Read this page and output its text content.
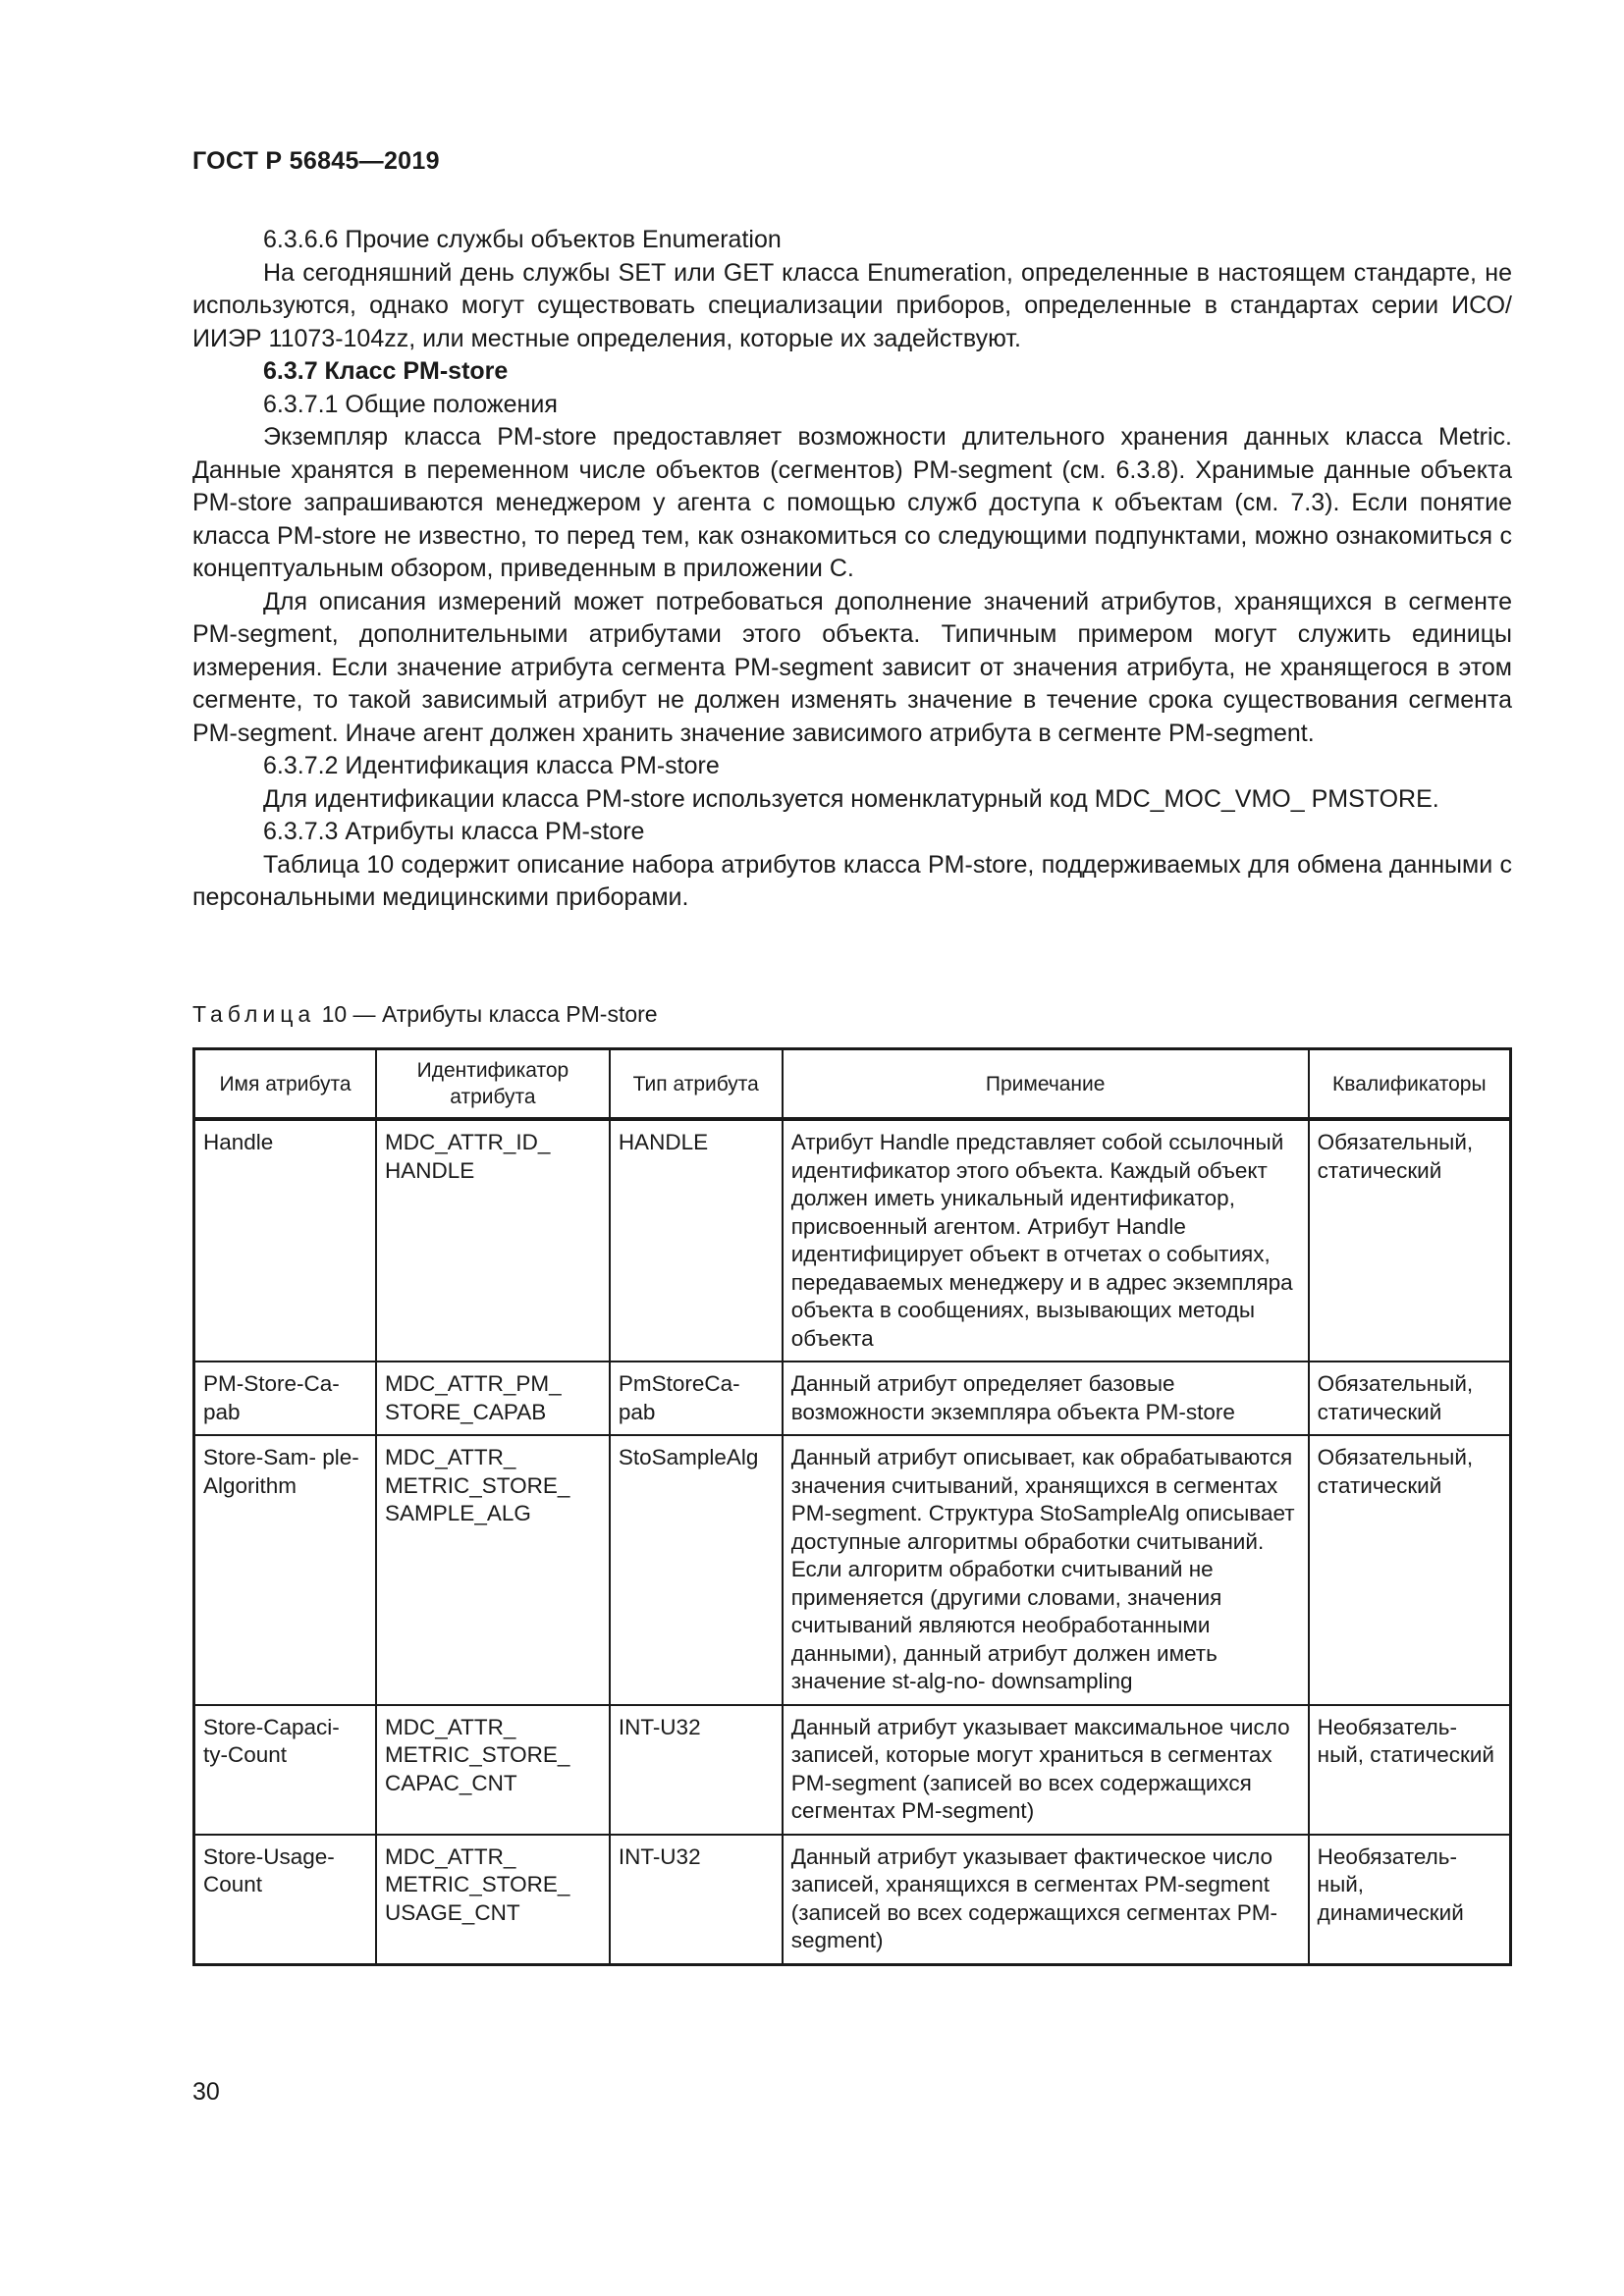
ГОСТ Р 56845—2019

6.3.6.6 Прочие службы объектов Enumeration

На сегодняшний день службы SET или GET класса Enumeration, определенные в настоящем стандарте, не используются, однако могут существовать специализации приборов, определенные в стандартах серии ИСО/ИИЭР 11073-104zz, или местные определения, которые их задействуют.

6.3.7 Класс PM-store

6.3.7.1 Общие положения

Экземпляр класса PM-store предоставляет возможности длительного хранения данных класса Metric. Данные хранятся в переменном числе объектов (сегментов) PM-segment (см. 6.3.8). Хранимые данные объекта PM-store запрашиваются менеджером у агента с помощью служб доступа к объектам (см. 7.3). Если понятие класса PM-store не известно, то перед тем, как ознакомиться со следующими подпунктами, можно ознакомиться с концептуальным обзором, приведенным в приложении С.

Для описания измерений может потребоваться дополнение значений атрибутов, хранящихся в сегменте PM-segment, дополнительными атрибутами этого объекта. Типичным примером могут служить единицы измерения. Если значение атрибута сегмента PM-segment зависит от значения атрибута, не хранящегося в этом сегменте, то такой зависимый атрибут не должен изменять значение в течение срока существования сегмента PM-segment. Иначе агент должен хранить значение зависимого атрибута в сегменте PM-segment.

6.3.7.2 Идентификация класса PM-store

Для идентификации класса PM-store используется номенклатурный код MDC_MOC_VMO_ PMSTORE.

6.3.7.3 Атрибуты класса PM-store

Таблица 10 содержит описание набора атрибутов класса PM-store, поддерживаемых для обмена данными с персональными медицинскими приборами.

Таблица 10 — Атрибуты класса PM-store
Имя атрибута	Идентификатор атрибута	Тип атрибута	Примечание	Квалификаторы
Handle	MDC_ATTR_ID_ HANDLE	HANDLE	Атрибут Handle представляет собой ссылочный идентификатор этого объекта. Каждый объект должен иметь уникальный идентификатор, присвоенный агентом. Атрибут Handle идентифицирует объект в отчетах о событиях, передаваемых менеджеру и в адрес экземпляра объекта в сообщениях, вызывающих методы объекта	Обязательный, статический
PM-Store-Ca- pab	MDC_ATTR_PM_ STORE_CAPAB	PmStoreCa- pab	Данный атрибут определяет базовые возможности экземпляра объекта PM-store	Обязательный, статический
Store-Sam- ple-Algorithm	MDC_ATTR_ METRIC_STORE_ SAMPLE_ALG	StoSampleAlg	Данный атрибут описывает, как обрабатываются значения считываний, хранящихся в сегментах PM-segment. Структура StoSampleAlg описывает доступные алгоритмы обработки считываний. Если алгоритм обработки считываний не применяется (другими словами, значения считываний являются необработанными данными), данный атрибут должен иметь значение st-alg-no- downsampling	Обязательный, статический
Store-Capaci- ty-Count	MDC_ATTR_ METRIC_STORE_ CAPAC_CNT	INT-U32	Данный атрибут указывает максимальное число записей, которые могут храниться в сегментах PM-segment (записей во всех содержащихся сегментах PM-segment)	Необязатель- ный, статический
Store-Usage- Count	MDC_ATTR_ METRIC_STORE_ USAGE_CNT	INT-U32	Данный атрибут указывает фактическое число записей, хранящихся в сегментах PM-segment (записей во всех содержащихся сегментах PM-segment)	Необязатель- ный, динамический
30
